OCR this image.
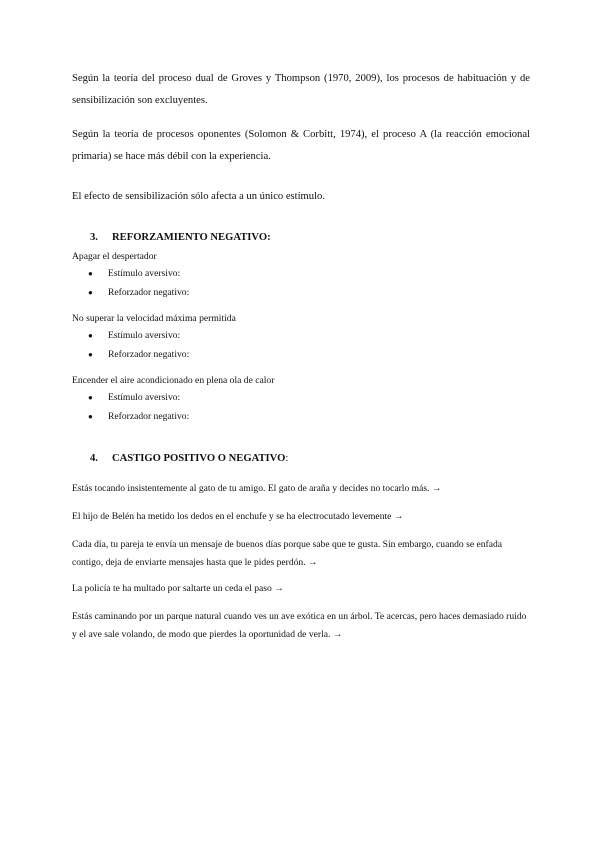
Según la teoría del proceso dual de Groves y Thompson (1970, 2009), los procesos de habituación y de sensibilización son excluyentes.
Según la teoría de procesos oponentes (Solomon & Corbitt, 1974), el proceso A (la reacción emocional primaria) se hace más débil con la experiencia.
El efecto de sensibilización sólo afecta a un único estímulo.
3. REFORZAMIENTO NEGATIVO:
Apagar el despertador
● Estímulo aversivo:
● Reforzador negativo:
No superar la velocidad máxima permitida
● Estímulo aversivo:
● Reforzador negativo:
Encender el aire acondicionado en plena ola de calor
● Estímulo aversivo:
● Reforzador negativo:
4. CASTIGO POSITIVO O NEGATIVO:
Estás tocando insistentemente al gato de tu amigo. El gato de araña y decides no tocarlo más. →
El hijo de Belén ha metido los dedos en el enchufe y se ha electrocutado levemente →
Cada día, tu pareja te envía un mensaje de buenos días porque sabe que te gusta. Sin embargo, cuando se enfada contigo, deja de enviarte mensajes hasta que le pides perdón. →
La policía te ha multado por saltarte un ceda el paso →
Estás caminando por un parque natural cuando ves un ave exótica en un árbol. Te acercas, pero haces demasiado ruido y el ave sale volando, de modo que pierdes la oportunidad de verla. →
